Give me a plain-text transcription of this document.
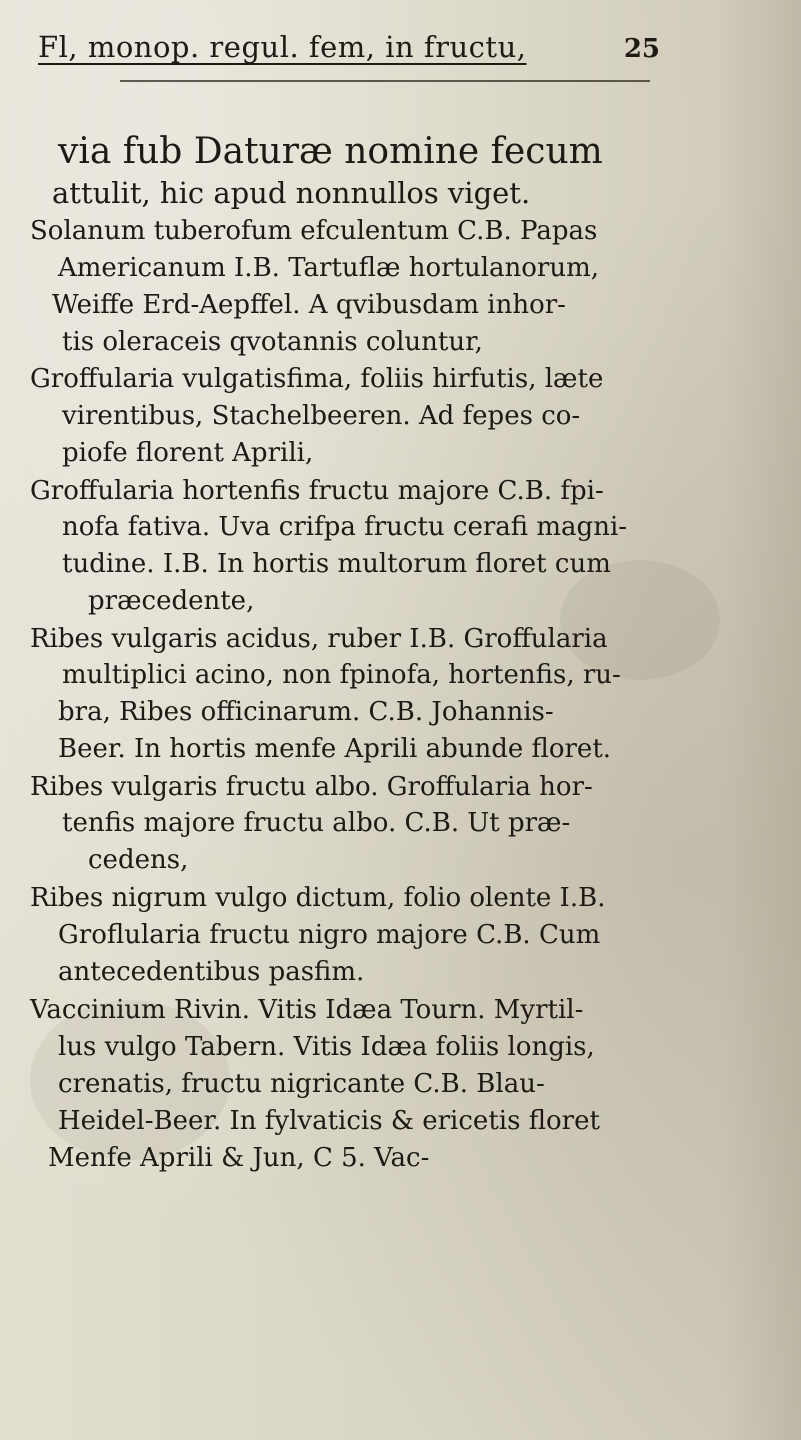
Fl, monop. regul. fem, in fructu,	25
via fub Daturæ nomine fecum
attulit, hic apud nonnullos viget.
Solanum tuberofum efculentum C.B. Papas
Americanum I.B. Tartuflæ hortulanorum,
Weiffe Erd-Aepffel. A qvibusdam inhor-
tis oleraceis qvotannis coluntur,
Groffularia vulgatisfima, foliis hirfutis, læte
virentibus, Stachelbeeren. Ad fepes co-
piofe florent Aprili,
Groffularia hortenfis fructu majore C.B. fpi-
nofa fativa. Uva crifpa fructu cerafi magni-
tudine. I.B. In hortis multorum floret cum
præcedente,
Ribes vulgaris acidus, ruber I.B. Groffularia
multiplici acino, non fpinofa, hortenfis, ru-
bra, Ribes officinarum. C.B. Johannis-
Beer. In hortis menfe Aprili abunde floret.
Ribes vulgaris fructu albo. Groffularia hor-
tenfis majore fructu albo. C.B. Ut præ-
cedens,
Ribes nigrum vulgo dictum, folio olente I.B.
Groflularia fructu nigro majore C.B. Cum
antecedentibus pasfim.
Vaccinium Rivin. Vitis Idæa Tourn. Myrtil-
lus vulgo Tabern. Vitis Idæa foliis longis,
crenatis, fructu nigricante C.B. Blau-
Heidel-Beer. In fylvaticis & ericetis floret
Menfe Aprili & Jun, C 5. Vac-
